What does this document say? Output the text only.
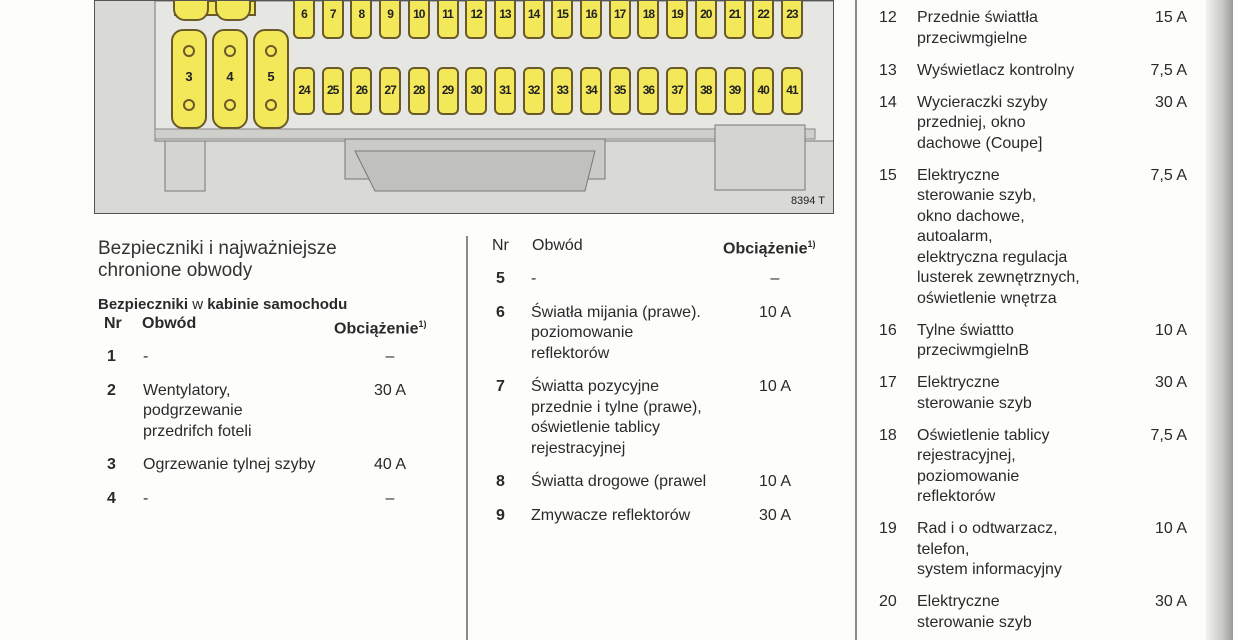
6	7	8	9	10	11	12 13 14 15 16 17 18 19 20 21 22 23
24 25 26 27 28 29 30 31 32 33 34 35 36 37 38 39 40 41
3	4	5
8394 T
Bezpieczniki i najważniejsze
chronione obwody
Bezpieczniki w kabinie samochodu
Nr Obwód	Obciążenie$^{1)}$
1 -	–
2 Wentylatory,
podgrzewanie
przedrifch foteli
30 A
3 Ogrzewanie tylnej szyby	40 A
4 -	–
Nr Obwód	Obciążenie$^{1)}$
5 -	–
6 Światła mijania (prawe).
poziomowanie
reflektorów
10 A
7 Światta pozycyjne
przednie i tylne (prawe),
oświetlenie tablicy
rejestracyjnej
10 A
8 Światta drogowe (prawel	10 A
9 Zmywacze reflektorów	30 A
12 Przednie świattła
przeciwmgielne
15 A
13 Wyświetlacz kontrolny	7,5 A
14 Wycieraczki szyby
przedniej, okno
dachowe (Coupe]
30 A
15 Elektryczne
sterowanie szyb,
okno dachowe,
autoalarm,
elektryczna regulacja
lusterek zewnętrznych,
oświetlenie wnętrza
7,5 A
16 Tylne świattto
przeciwmgielnB
10 A
17 Elektryczne
sterowanie szyb
30 A
18 Oświetlenie tablicy
rejestracyjnej,
poziomowanie
reflektorów
7,5 A
19 Rad i o odtwarzacz,
telefon,
system informacyjny
10 A
20 Elektryczne
sterowanie szyb
30 A
